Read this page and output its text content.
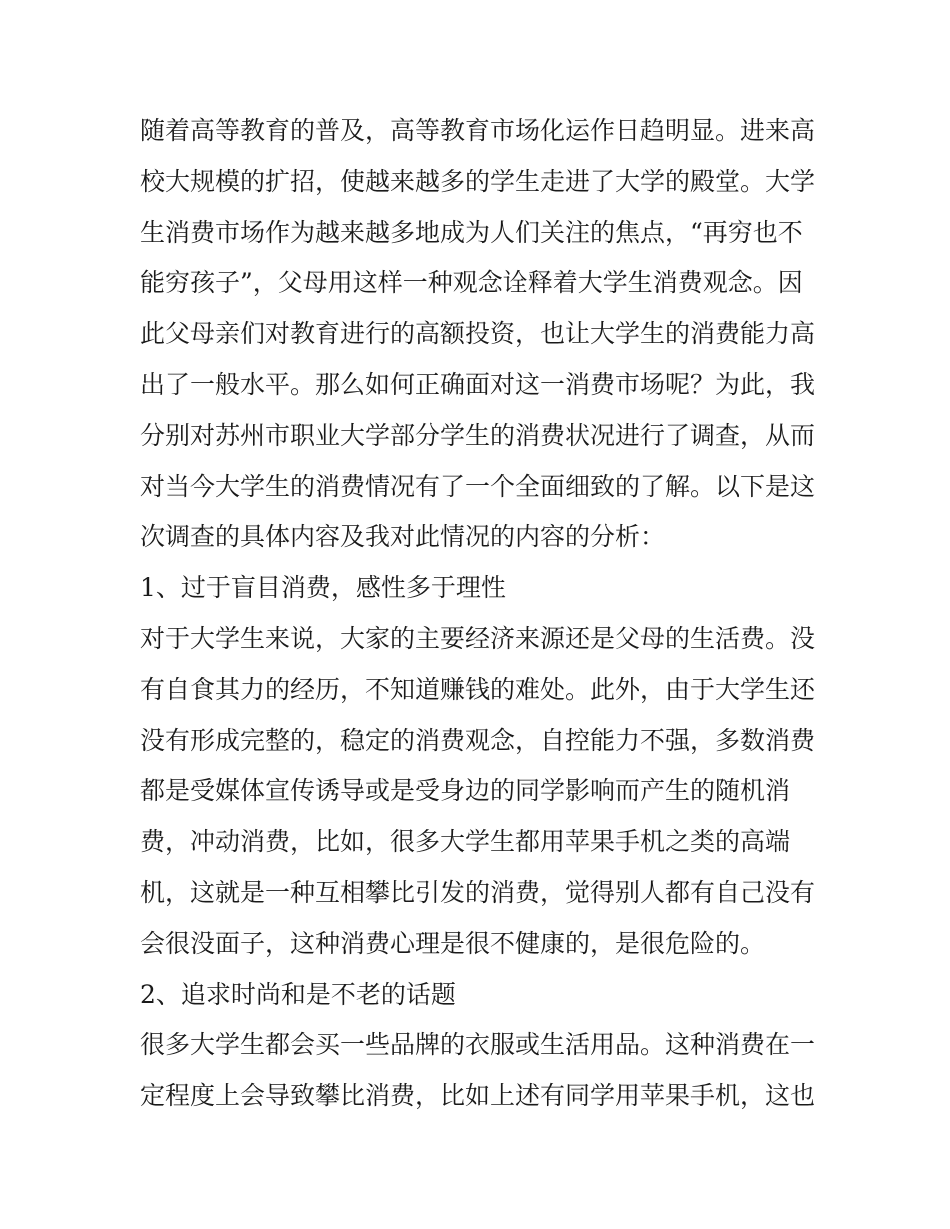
随着高等教育的普及，高等教育市场化运作日趋明显。进来高
校大规模的扩招，使越来越多的学生走进了大学的殿堂。大学
生消费市场作为越来越多地成为人们关注的焦点，“再穷也不
能穷孩子”，父母用这样一种观念诠释着大学生消费观念。因
此父母亲们对教育进行的高额投资，也让大学生的消费能力高
出了一般水平。那么如何正确面对这一消费市场呢？为此，我
分别对苏州市职业大学部分学生的消费状况进行了调查，从而
对当今大学生的消费情况有了一个全面细致的了解。以下是这
次调查的具体内容及我对此情况的内容的分析：
1、过于盲目消费，感性多于理性
对于大学生来说，大家的主要经济来源还是父母的生活费。没
有自食其力的经历，不知道赚钱的难处。此外，由于大学生还
没有形成完整的，稳定的消费观念，自控能力不强，多数消费
都是受媒体宣传诱导或是受身边的同学影响而产生的随机消
费，冲动消费，比如，很多大学生都用苹果手机之类的高端
机，这就是一种互相攀比引发的消费，觉得别人都有自己没有
会很没面子，这种消费心理是很不健康的，是很危险的。
2、追求时尚和是不老的话题
很多大学生都会买一些品牌的衣服或生活用品。这种消费在一
定程度上会导致攀比消费，比如上述有同学用苹果手机，这也
